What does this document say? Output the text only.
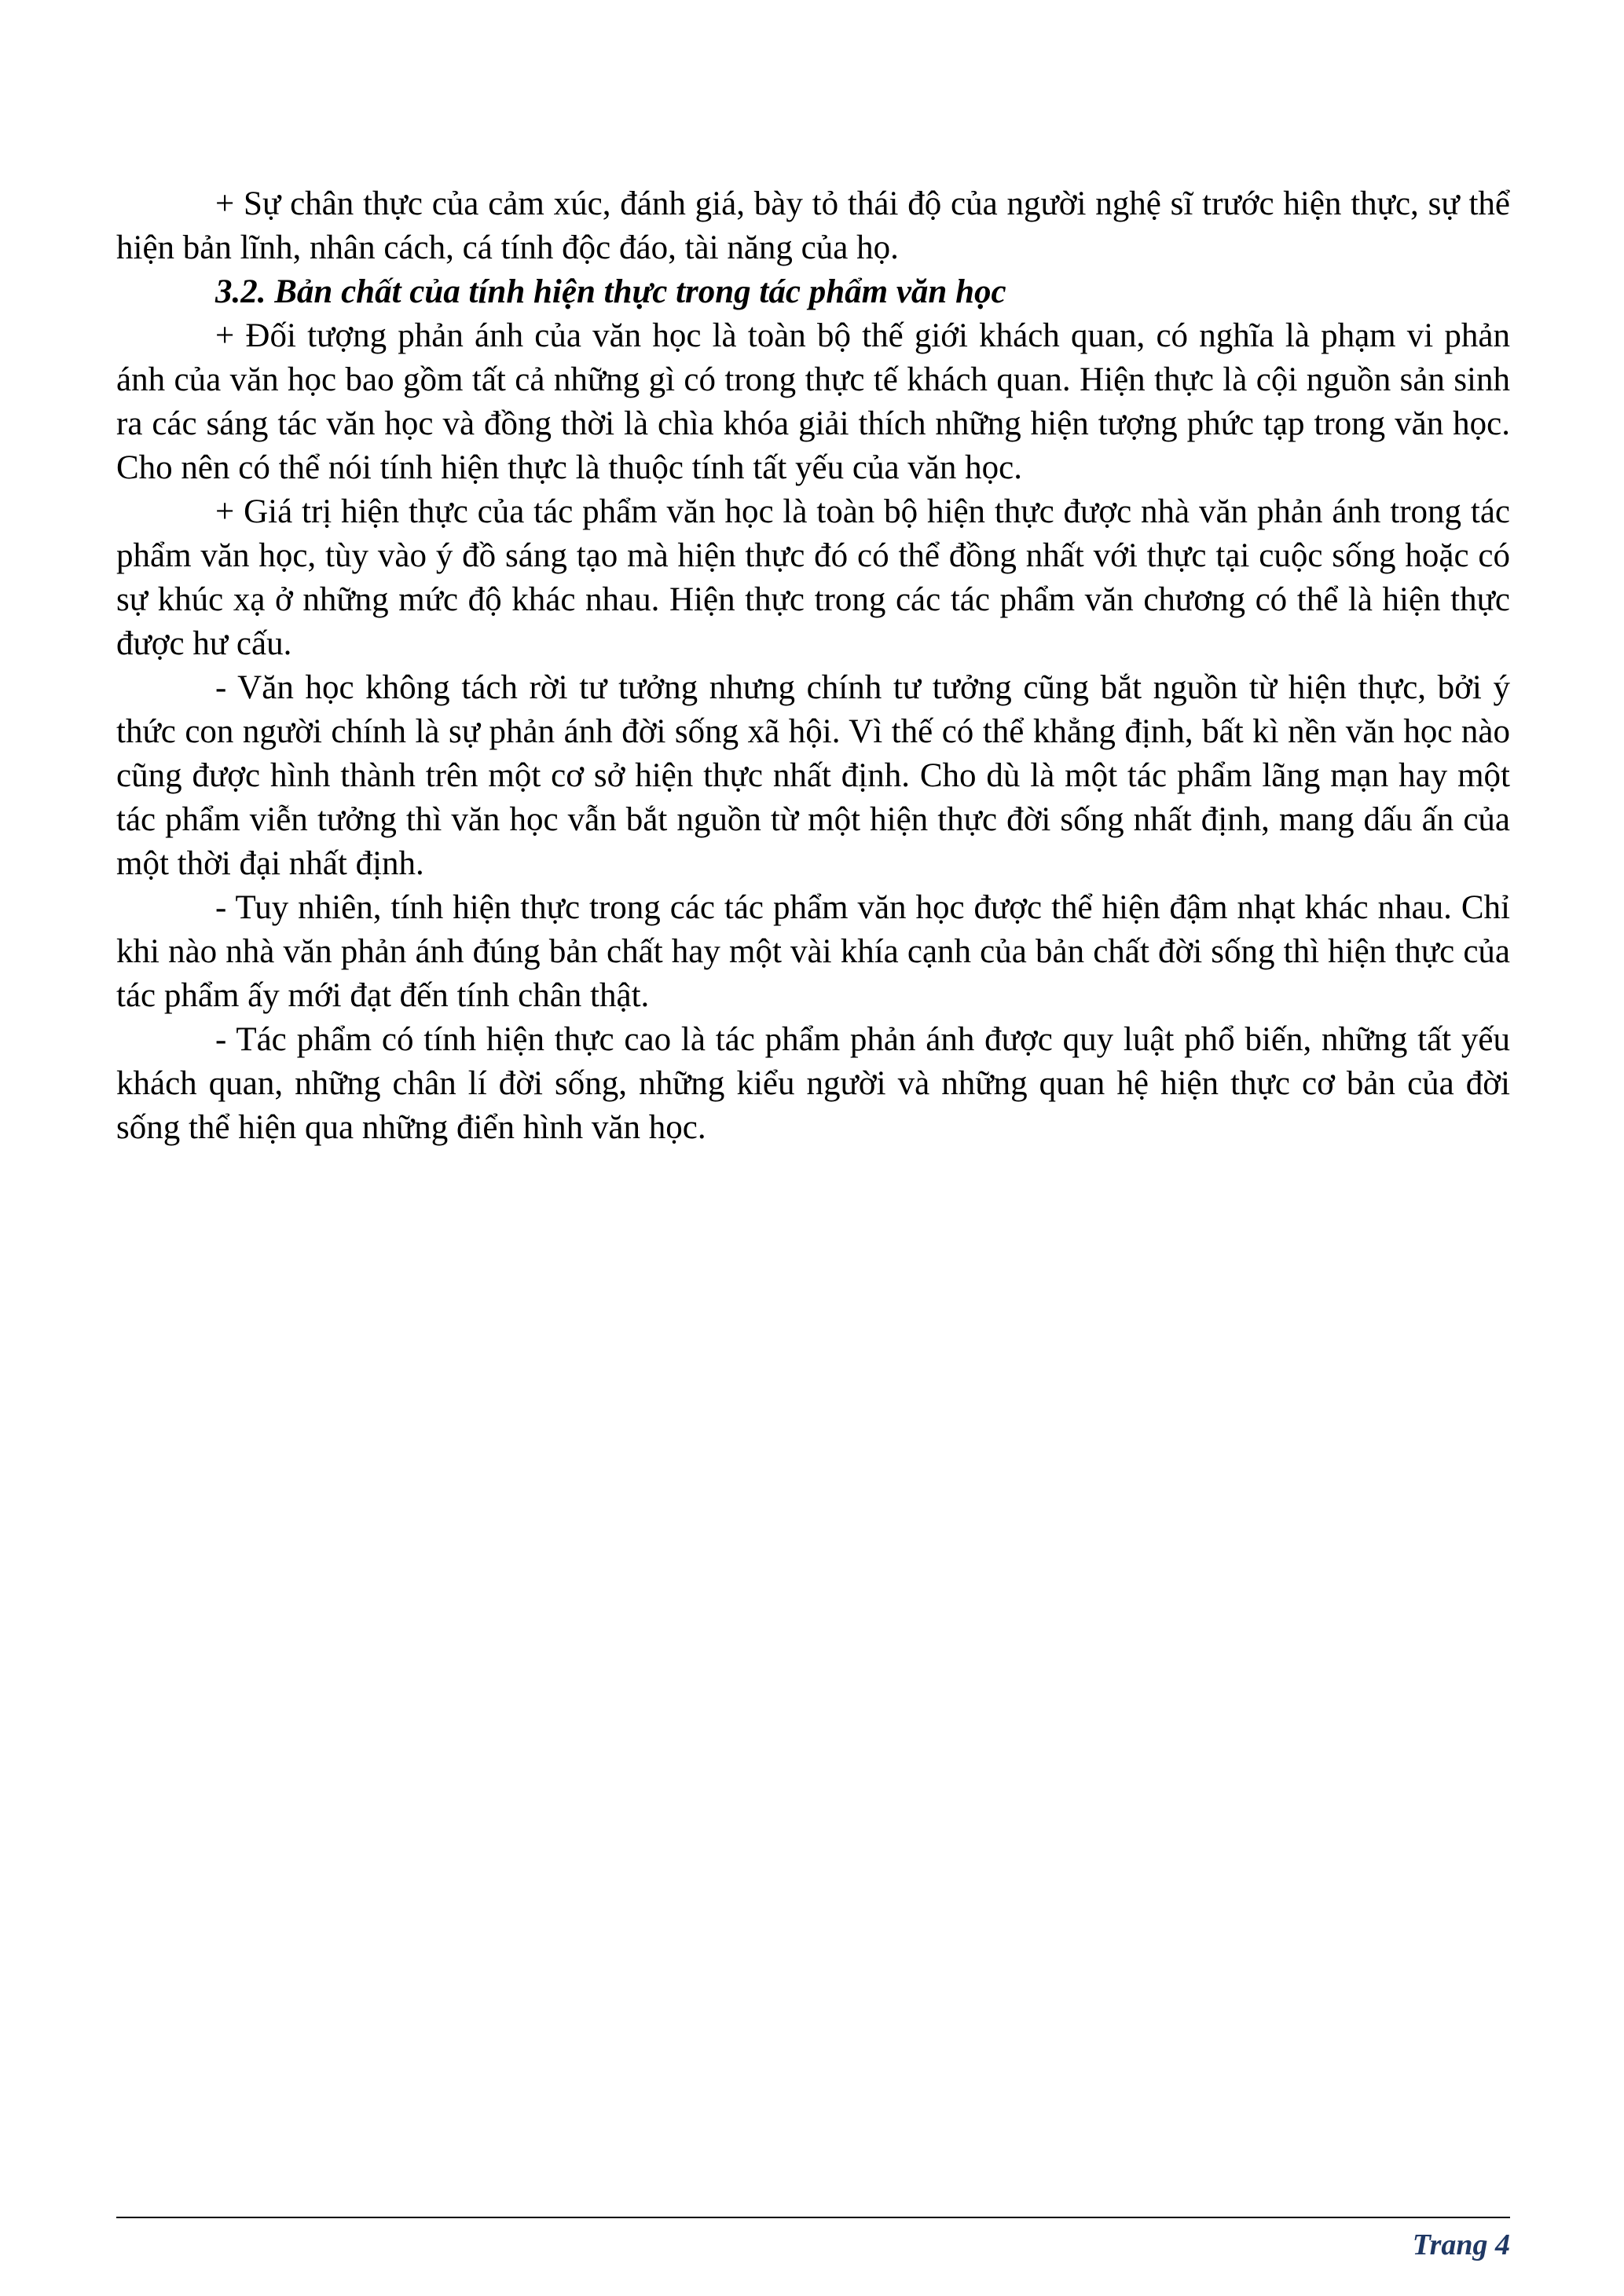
+ Sự chân thực của cảm xúc, đánh giá, bày tỏ thái độ của người nghệ sĩ trước hiện thực, sự thể hiện bản lĩnh, nhân cách, cá tính độc đáo, tài năng của họ.

3.2. Bản chất của tính hiện thực trong tác phẩm văn học

+ Đối tượng phản ánh của văn học là toàn bộ thế giới khách quan, có nghĩa là phạm vi phản ánh của văn học bao gồm tất cả những gì có trong thực tế khách quan. Hiện thực là cội nguồn sản sinh ra các sáng tác văn học và đồng thời là chìa khóa giải thích những hiện tượng phức tạp trong văn học. Cho nên có thể nói tính hiện thực là thuộc tính tất yếu của văn học.

+ Giá trị hiện thực của tác phẩm văn học là toàn bộ hiện thực được nhà văn phản ánh trong tác phẩm văn học, tùy vào ý đồ sáng tạo mà hiện thực đó có thể đồng nhất với thực tại cuộc sống hoặc có sự khúc xạ ở những mức độ khác nhau. Hiện thực trong các tác phẩm văn chương có thể là hiện thực được hư cấu.

- Văn học không tách rời tư tưởng nhưng chính tư tưởng cũng bắt nguồn từ hiện thực, bởi ý thức con người chính là sự phản ánh đời sống xã hội. Vì thế có thể khẳng định, bất kì nền văn học nào cũng được hình thành trên một cơ sở hiện thực nhất định. Cho dù là một tác phẩm lãng mạn hay một tác phẩm viễn tưởng thì văn học vẫn bắt nguồn từ một hiện thực đời sống nhất định, mang dấu ấn của một thời đại nhất định.

- Tuy nhiên, tính hiện thực trong các tác phẩm văn học được thể hiện đậm nhạt khác nhau. Chỉ khi nào nhà văn phản ánh đúng bản chất hay một vài khía cạnh của bản chất đời sống thì hiện thực của tác phẩm ấy mới đạt đến tính chân thật.

- Tác phẩm có tính hiện thực cao là tác phẩm phản ánh được quy luật phổ biến, những tất yếu khách quan, những chân lí đời sống, những kiểu người và những quan hệ hiện thực cơ bản của đời sống thể hiện qua những điển hình văn học.

Trang 4
